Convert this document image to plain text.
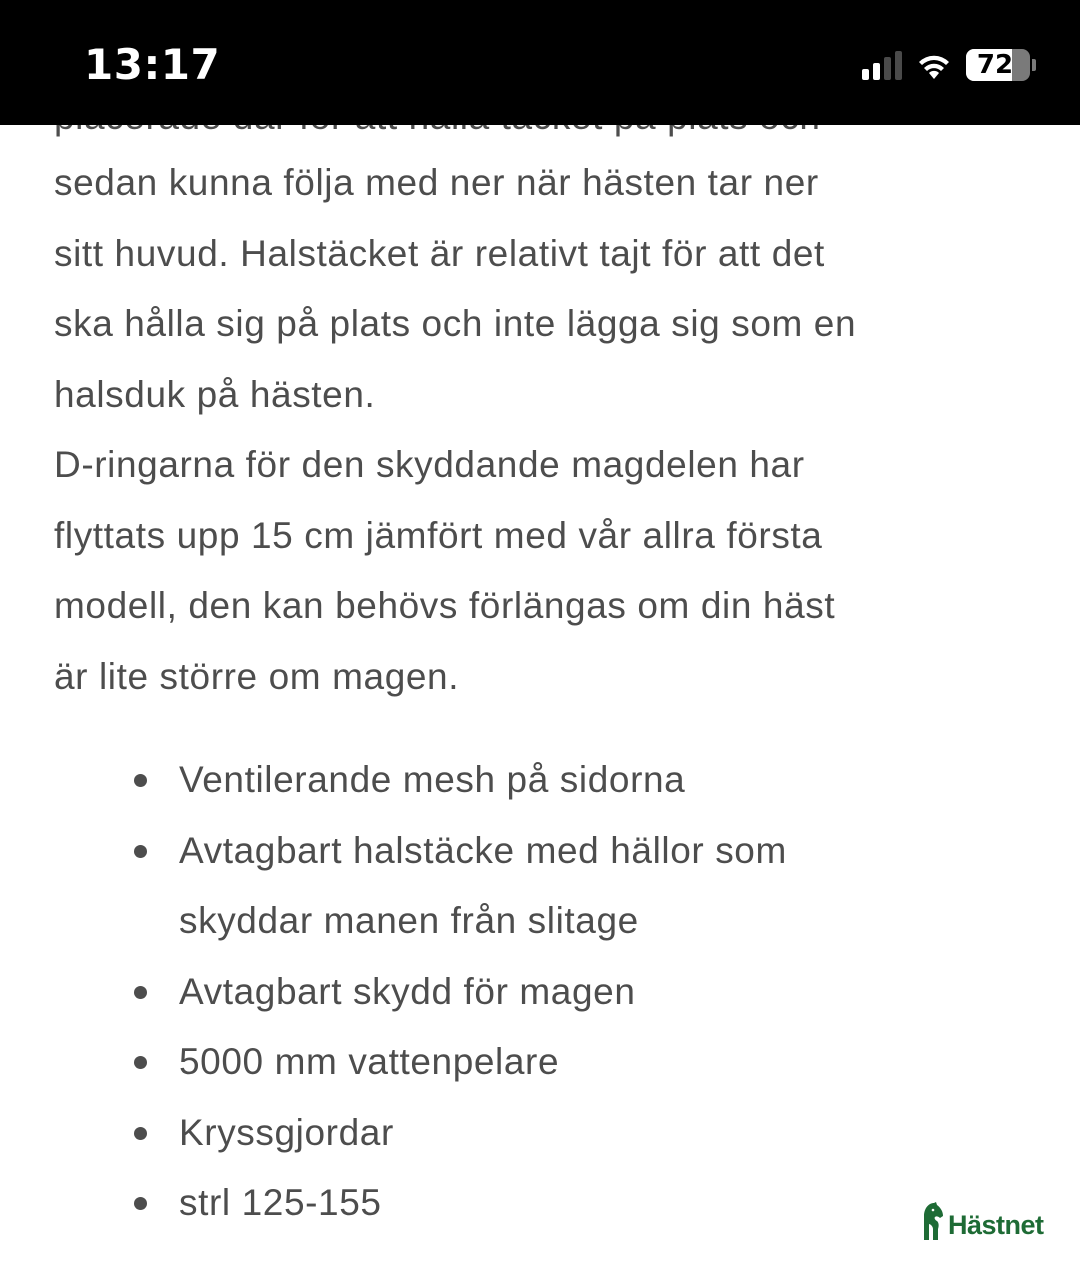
sedan kunna följa med ner när hästen tar ner
sitt huvud. Halstäcket är relativt tajt för att det
ska hålla sig på plats och inte lägga sig som en
halsduk på hästen.

D-ringarna för den skyddande magdelen har
flyttats upp 15 cm jämfört med vår allra första
modell, den kan behövs förlängas om din häst
är lite större om magen.

Ventilerande mesh på sidorna
Avtagbart halstäcke med hällor som
skyddar manen från slitage
Avtagbart skydd för magen
5000 mm vattenpelare
Kryssgjordar
strl 125-155
13:17	72
Hästnet
